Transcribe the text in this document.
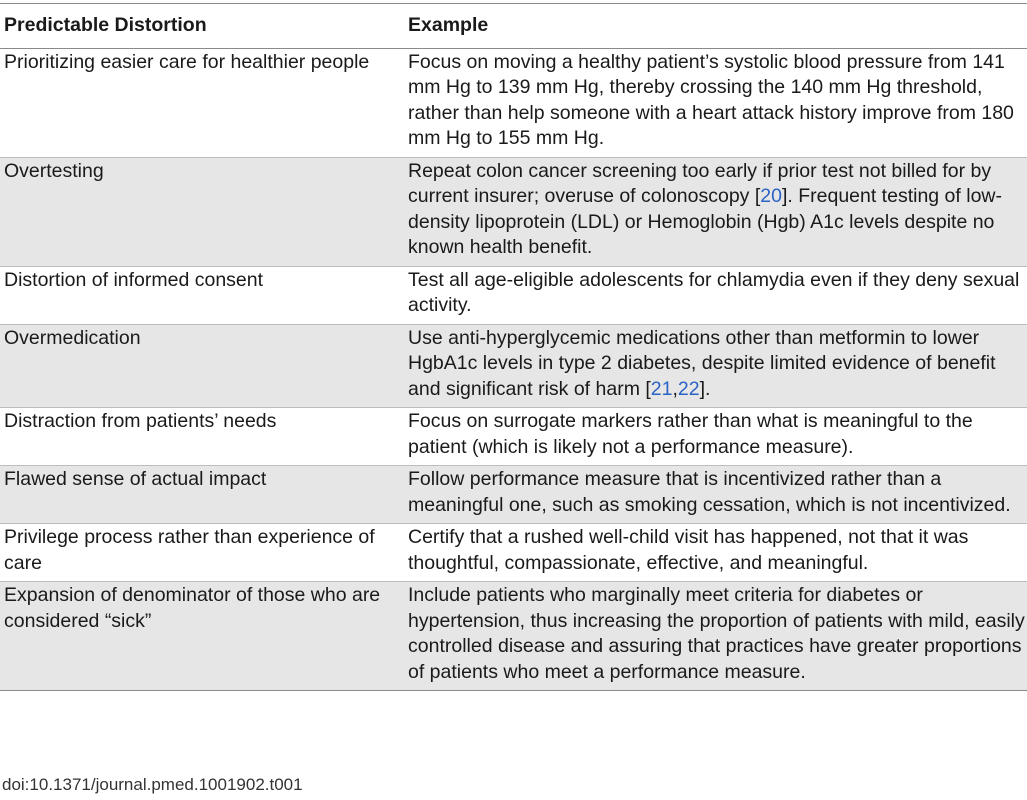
Predictable Distortion	Example
Prioritizing easier care for healthier people	Focus on moving a healthy patient’s systolic blood pressure from 141 mm Hg to 139 mm Hg, thereby crossing the 140 mm Hg threshold, rather than help someone with a heart attack history improve from 180 mm Hg to 155 mm Hg.
Overtesting	Repeat colon cancer screening too early if prior test not billed for by current insurer; overuse of colonoscopy [20]. Frequent testing of low-density lipoprotein (LDL) or Hemoglobin (Hgb) A1c levels despite no known health benefit.
Distortion of informed consent	Test all age-eligible adolescents for chlamydia even if they deny sexual activity.
Overmedication	Use anti-hyperglycemic medications other than metformin to lower HgbA1c levels in type 2 diabetes, despite limited evidence of benefit and significant risk of harm [21,22].
Distraction from patients’ needs	Focus on surrogate markers rather than what is meaningful to the patient (which is likely not a performance measure).
Flawed sense of actual impact	Follow performance measure that is incentivized rather than a meaningful one, such as smoking cessation, which is not incentivized.
Privilege process rather than experience of care	Certify that a rushed well-child visit has happened, not that it was thoughtful, compassionate, effective, and meaningful.
Expansion of denominator of those who are considered “sick”	Include patients who marginally meet criteria for diabetes or hypertension, thus increasing the proportion of patients with mild, easily controlled disease and assuring that practices have greater proportions of patients who meet a performance measure.
doi:10.1371/journal.pmed.1001902.t001
